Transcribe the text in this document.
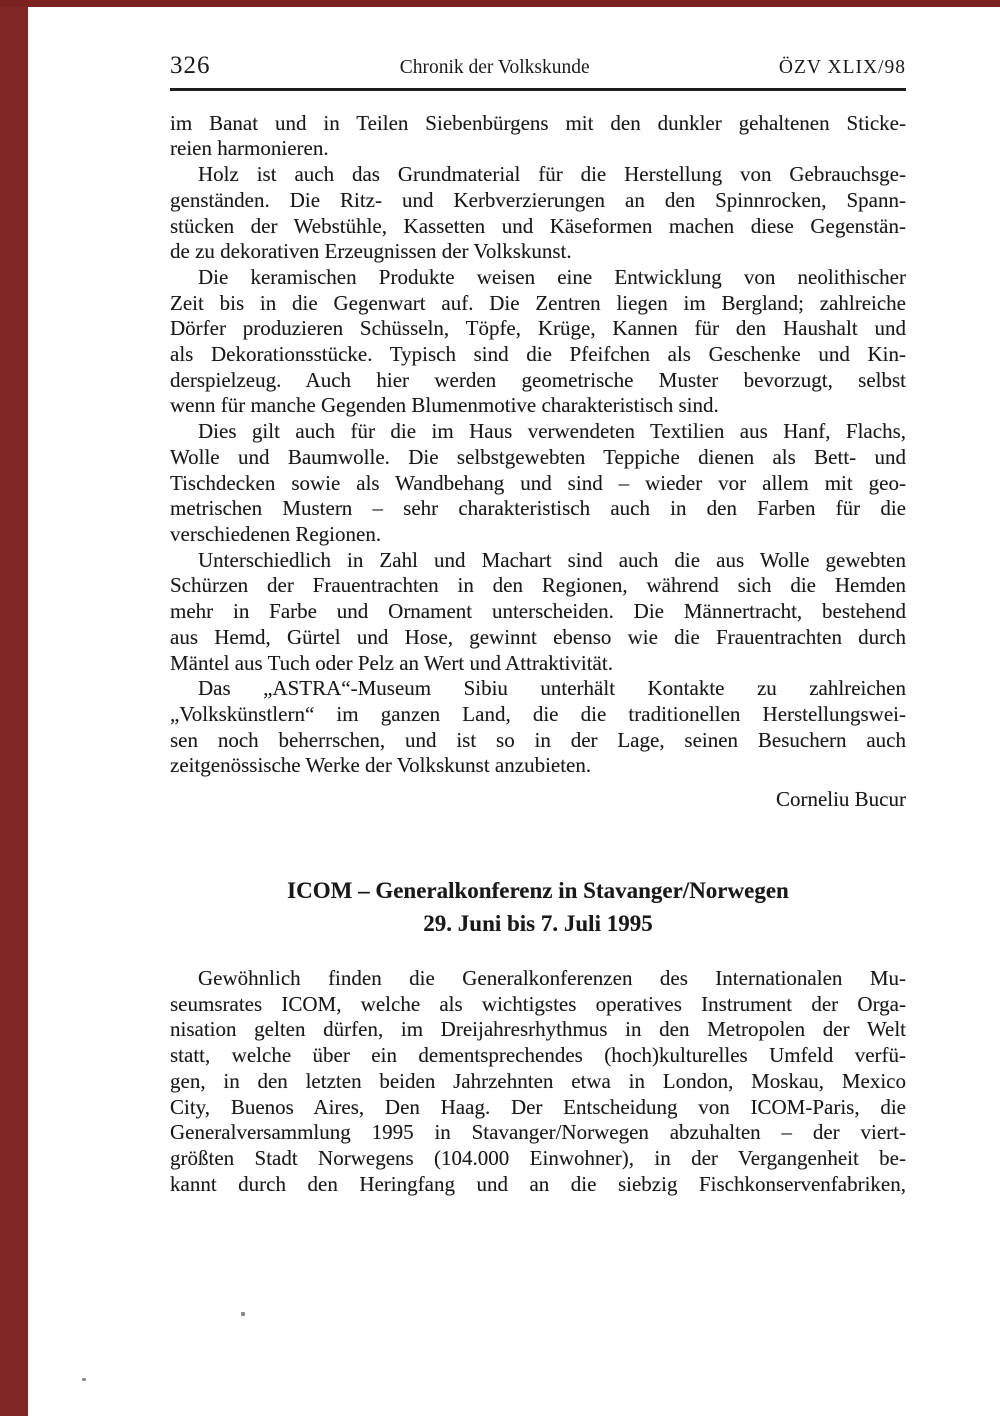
326	Chronik der Volkskunde	ÖZV XLIX/98
im Banat und in Teilen Siebenbürgens mit den dunkler gehaltenen Sticke-
reien harmonieren.
Holz ist auch das Grundmaterial für die Herstellung von Gebrauchsge-
genständen. Die Ritz- und Kerbverzierungen an den Spinnrocken, Spann-
stücken der Webstühle, Kassetten und Käseformen machen diese Gegenstän-
de zu dekorativen Erzeugnissen der Volkskunst.
Die keramischen Produkte weisen eine Entwicklung von neolithischer
Zeit bis in die Gegenwart auf. Die Zentren liegen im Bergland; zahlreiche
Dörfer produzieren Schüsseln, Töpfe, Krüge, Kannen für den Haushalt und
als Dekorationsstücke. Typisch sind die Pfeifchen als Geschenke und Kin-
derspielzeug. Auch hier werden geometrische Muster bevorzugt, selbst
wenn für manche Gegenden Blumenmotive charakteristisch sind.
Dies gilt auch für die im Haus verwendeten Textilien aus Hanf, Flachs,
Wolle und Baumwolle. Die selbstgewebten Teppiche dienen als Bett- und
Tischdecken sowie als Wandbehang und sind – wieder vor allem mit geo-
metrischen Mustern – sehr charakteristisch auch in den Farben für die
verschiedenen Regionen.
Unterschiedlich in Zahl und Machart sind auch die aus Wolle gewebten
Schürzen der Frauentrachten in den Regionen, während sich die Hemden
mehr in Farbe und Ornament unterscheiden. Die Männertracht, bestehend
aus Hemd, Gürtel und Hose, gewinnt ebenso wie die Frauentrachten durch
Mäntel aus Tuch oder Pelz an Wert und Attraktivität.
Das „ASTRA“-Museum Sibiu unterhält Kontakte zu zahlreichen
„Volkskünstlern“ im ganzen Land, die die traditionellen Herstellungswei-
sen noch beherrschen, und ist so in der Lage, seinen Besuchern auch
zeitgenössische Werke der Volkskunst anzubieten.
Corneliu Bucur
ICOM – Generalkonferenz in Stavanger/Norwegen
29. Juni bis 7. Juli 1995
Gewöhnlich finden die Generalkonferenzen des Internationalen Mu-
seumsrates ICOM, welche als wichtigstes operatives Instrument der Orga-
nisation gelten dürfen, im Dreijahresrhythmus in den Metropolen der Welt
statt, welche über ein dementsprechendes (hoch)kulturelles Umfeld verfü-
gen, in den letzten beiden Jahrzehnten etwa in London, Moskau, Mexico
City, Buenos Aires, Den Haag. Der Entscheidung von ICOM-Paris, die
Generalversammlung 1995 in Stavanger/Norwegen abzuhalten – der viert-
größten Stadt Norwegens (104.000 Einwohner), in der Vergangenheit be-
kannt durch den Heringfang und an die siebzig Fischkonservenfabriken,
